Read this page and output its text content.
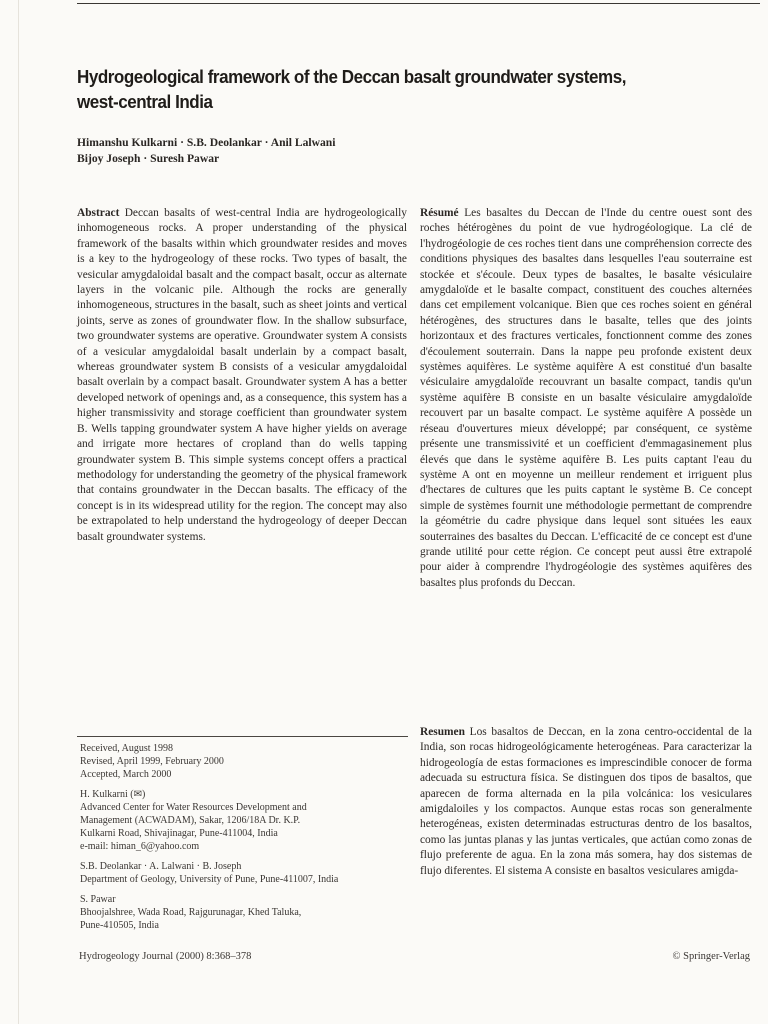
Hydrogeological framework of the Deccan basalt groundwater systems,
west-central India
Himanshu Kulkarni · S.B. Deolankar · Anil Lalwani
Bijoy Joseph · Suresh Pawar

Abstract Deccan basalts of west-central India are hydrogeologically inhomogeneous rocks. A proper understanding of the physical framework of the basalts within which groundwater resides and moves is a key to the hydrogeology of these rocks. Two types of basalt, the vesicular amygdaloidal basalt and the compact basalt, occur as alternate layers in the volcanic pile. Although the rocks are generally inhomogeneous, structures in the basalt, such as sheet joints and vertical joints, serve as zones of groundwater flow. In the shallow subsurface, two groundwater systems are operative. Groundwater system A consists of a vesicular amygdaloidal basalt underlain by a compact basalt, whereas groundwater system B consists of a vesicular amygdaloidal basalt overlain by a compact basalt. Groundwater system A has a better developed network of openings and, as a consequence, this system has a higher transmissivity and storage coefficient than groundwater system B. Wells tapping groundwater system A have higher yields on average and irrigate more hectares of cropland than do wells tapping groundwater system B. This simple systems concept offers a practical methodology for understanding the geometry of the physical framework that contains groundwater in the Deccan basalts. The efficacy of the concept is in its widespread utility for the region. The concept may also be extrapolated to help understand the hydrogeology of deeper Deccan basalt groundwater systems.

Résumé Les basaltes du Deccan de l'Inde du centre ouest sont des roches hétérogènes du point de vue hydrogéologique. La clé de l'hydrogéologie de ces roches tient dans une compréhension correcte des conditions physiques des basaltes dans lesquelles l'eau souterraine est stockée et s'écoule. Deux types de basaltes, le basalte vésiculaire amygdaloïde et le basalte compact, constituent des couches alternées dans cet empilement volcanique. Bien que ces roches soient en général hétérogènes, des structures dans le basalte, telles que des joints horizontaux et des fractures verticales, fonctionnent comme des zones d'écoulement souterrain. Dans la nappe peu profonde existent deux systèmes aquifères. Le système aquifère A est constitué d'un basalte vésiculaire amygdaloïde recouvrant un basalte compact, tandis qu'un système aquifère B consiste en un basalte vésiculaire amygdaloïde recouvert par un basalte compact. Le système aquifère A possède un réseau d'ouvertures mieux développé; par conséquent, ce système présente une transmissivité et un coefficient d'emmagasinement plus élevés que dans le système aquifère B. Les puits captant l'eau du système A ont en moyenne un meilleur rendement et irriguent plus d'hectares de cultures que les puits captant le système B. Ce concept simple de systèmes fournit une méthodologie permettant de comprendre la géométrie du cadre physique dans lequel sont situées les eaux souterraines des basaltes du Deccan. L'efficacité de ce concept est d'une grande utilité pour cette région. Ce concept peut aussi être extrapolé pour aider à comprendre l'hydrogéologie des systèmes aquifères des basaltes plus profonds du Deccan.

Resumen Los basaltos de Deccan, en la zona centro-occidental de la India, son rocas hidrogeológicamente heterogéneas. Para caracterizar la hidrogeología de estas formaciones es imprescindible conocer de forma adecuada su estructura física. Se distinguen dos tipos de basaltos, que aparecen de forma alternada en la pila volcánica: los vesiculares amigdaloiles y los compactos. Aunque estas rocas son generalmente heterogéneas, existen determinadas estructuras dentro de los basaltos, como las juntas planas y las juntas verticales, que actúan como zonas de flujo preferente de agua. En la zona más somera, hay dos sistemas de flujo diferentes. El sistema A consiste en basaltos vesiculares amigda-

Received, August 1998
Revised, April 1999, February 2000
Accepted, March 2000
H. Kulkarni (✉)
Advanced Center for Water Resources Development and
Management (ACWADAM), Sakar, 1206/18A Dr. K.P.
Kulkarni Road, Shivajinagar, Pune-411004, India
e-mail: himan_6@yahoo.com
S.B. Deolankar · A. Lalwani · B. Joseph
Department of Geology, University of Pune, Pune-411007, India
S. Pawar
Bhoojalshree, Wada Road, Rajgurunagar, Khed Taluka,
Pune-410505, India
Hydrogeology Journal (2000) 8:368–378	© Springer-Verlag
